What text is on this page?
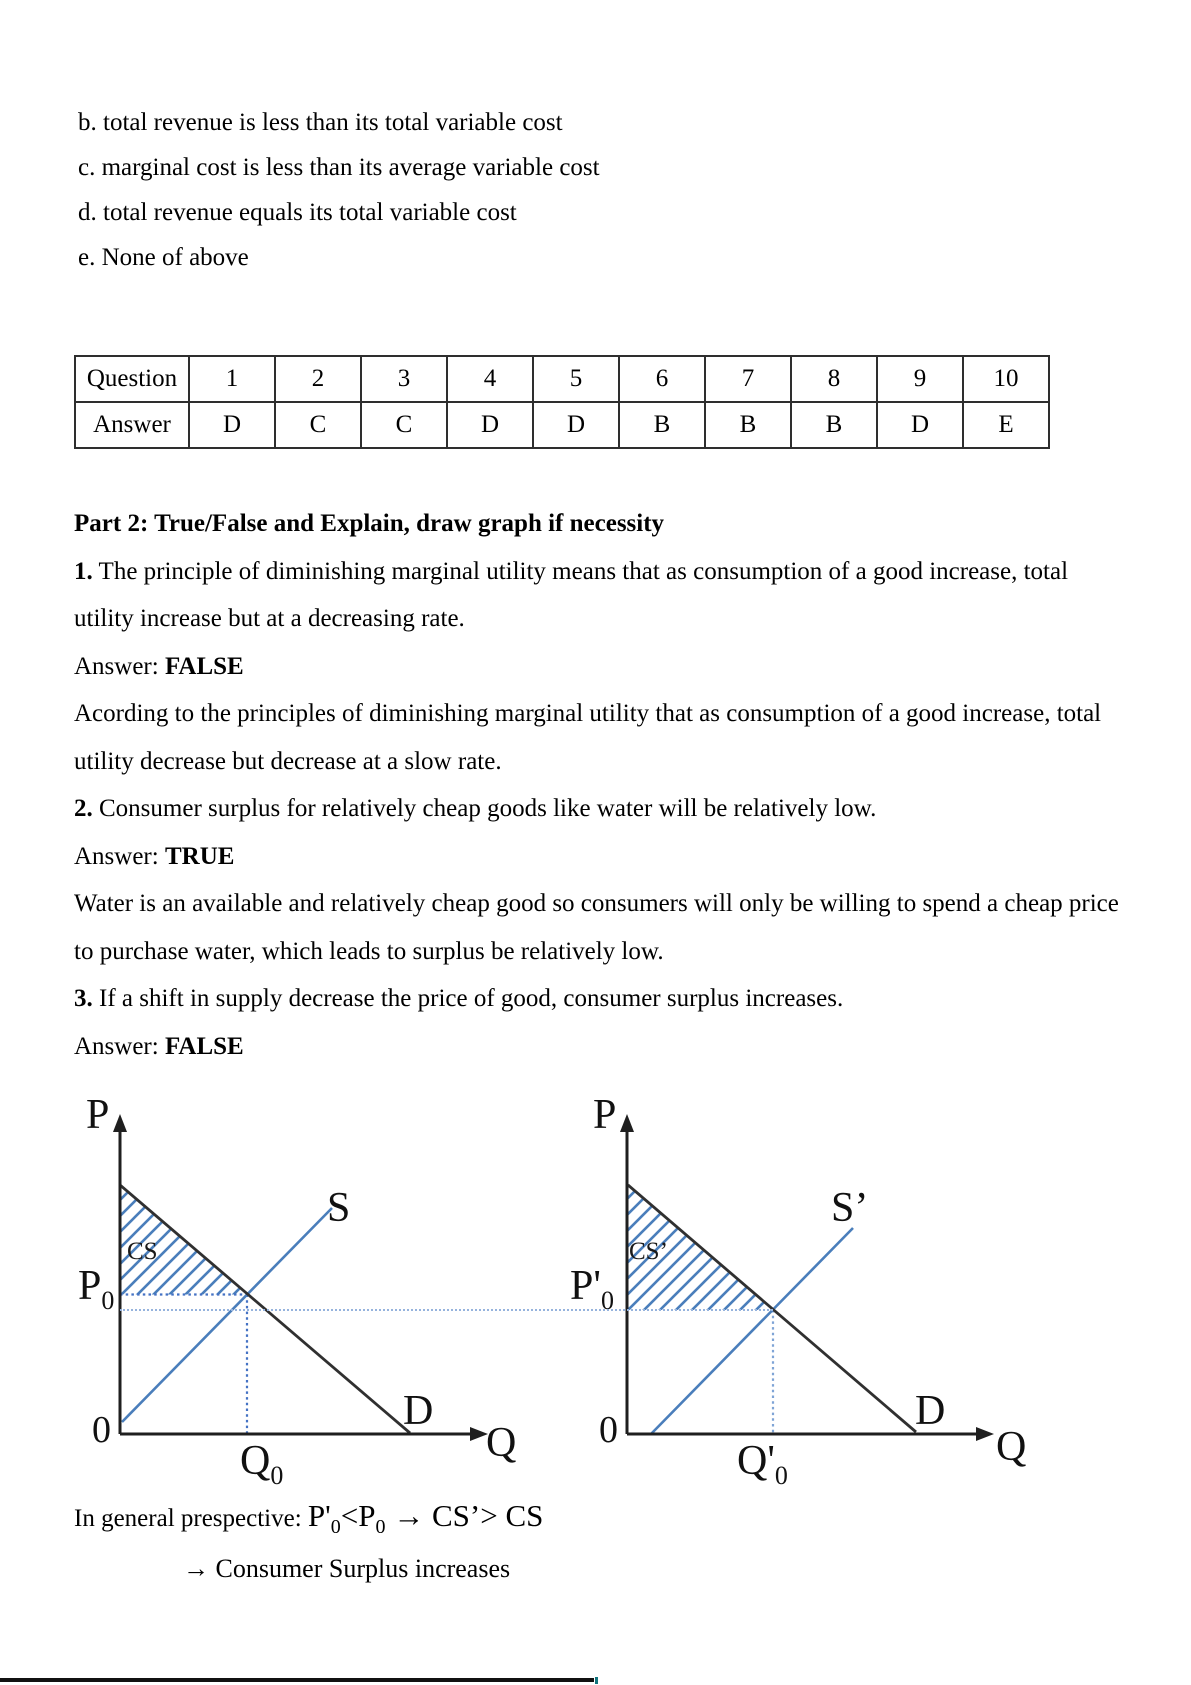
b. total revenue is less than its total variable cost
c. marginal cost is less than its average variable cost
d. total revenue equals its total variable cost
e. None of above
Question	1	2	3	4	5	6	7	8	9	10
Answer	D	C	C	D	D	B	B	B	D	E
Part 2: True/False and Explain, draw graph if necessity
1. The principle of diminishing marginal utility means that as consumption of a good increase, total utility increase but at a decreasing rate.
Answer: FALSE
Acording to the principles of diminishing marginal utility that as consumption of a good increase, total utility decrease but decrease at a slow rate.
2. Consumer surplus for relatively cheap goods like water will be relatively low.
Answer: TRUE
Water is an available and relatively cheap good so consumers will only be willing to spend a cheap price to purchase water, which leads to surplus be relatively low.
3. If a shift in supply decrease the price of good, consumer surplus increases.
Answer: FALSE
P
$P_0$
CS
S
D
0
$Q_0$
Q
P
$P'_0$
CS’
S’
D
0
$Q'_0$
Q
In general prespective: $P'_0<P_0$ → CS’> CS
→ Consumer Surplus increases
